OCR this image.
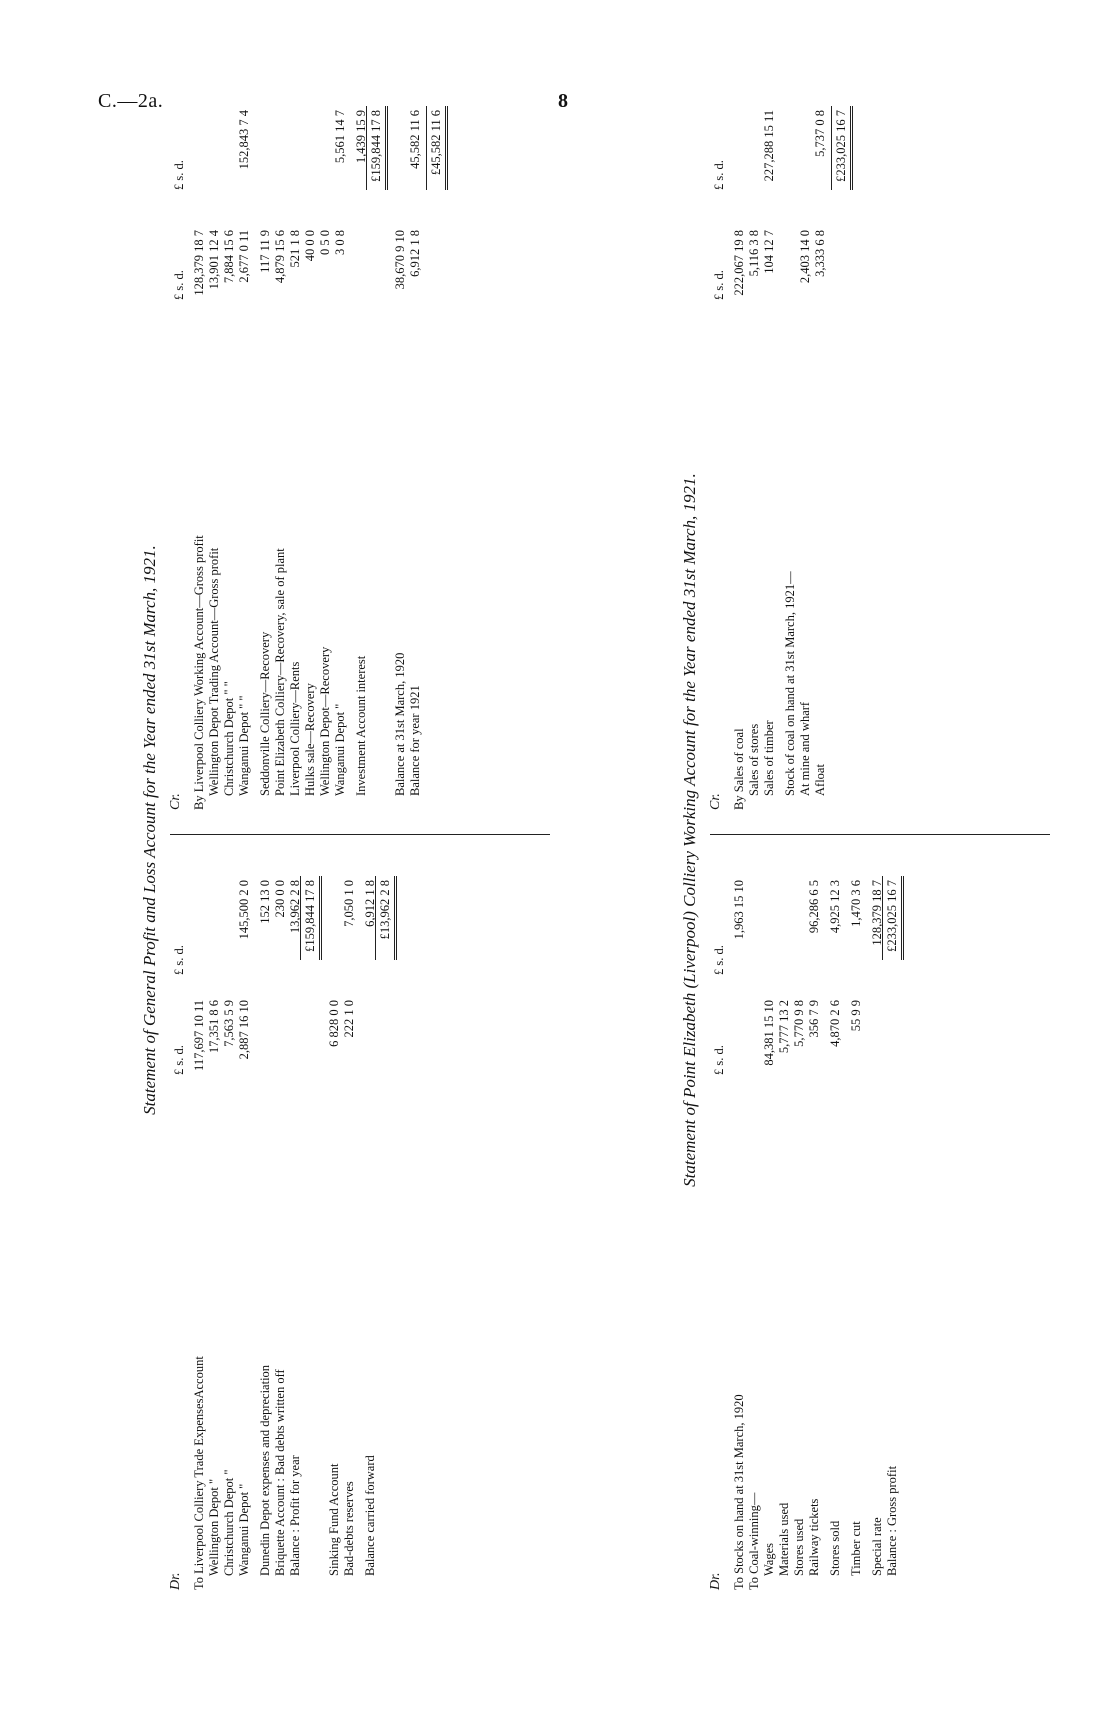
C.—2a.	8
Statement of General Profit and Loss Account for the Year ended 31st March, 1921.
Dr.
£ s. d.
£ s. d.
Cr.
£ s. d.
£ s. d.
To Liverpool Colliery Trade ExpensesAccount
117,697 10 11
Wellington Depot "
17,351 8 6
Christchurch Depot "
7,563 5 9
Wanganui Depot "
2,887 16 10
145,500 2 0
Dunedin Depot expenses and depreciation
152 13 0
Briquette Account : Bad debts written off
230 0 0
Balance : Profit for year
13,962 2 8 £159,844 17 8
Sinking Fund Account
6 828 0 0
Bad-debts reserves
222 1 0
7,050 1 0
Balance carried forward
6,912 1 8 £13,962 2 8
By Liverpool Colliery Working Account—Gross profit
128,379 18 7
Wellington Depot Trading Account—Gross profit
13,901 12 4
Christchurch Depot " "
7,884 15 6
Wanganui Depot " "
2,677 0 11
152,843 7 4
Seddonville Colliery—Recovery
117 11 9
Point Elizabeth Colliery—Recovery, sale of plant
4,879 15 6
Liverpool Colliery—Rents
521 1 8
Hulks sale—Recovery
40 0 0
Wellington Depot—Recovery
0 5 0
Wanganui Depot "
3 0 8
5,561 14 7
Investment Account interest
1,439 15 9 £159,844 17 8
Balance at 31st March, 1920
38,670 9 10
Balance for year 1921
6,912 1 8
45,582 11 6 £45,582 11 6
Statement of Point Elizabeth (Liverpool) Colliery Working Account for the Year ended 31st March, 1921.
Dr.
£ s. d.
£ s. d.
Cr.
£ s. d.
£ s. d.
To Stocks on hand at 31st March, 1920
1,963 15 10
To Coal-winning— Wages
84,381 15 10
Materials used
5,777 13 2
Stores used
5,770 9 8
Railway tickets
356 7 9
96,286 6 5
Stores sold
4,870 2 6
4,925 12 3
Timber cut
55 9 9
1,470 3 6
Special rate
128,379 18 7
Balance : Gross profit
£233,025 16 7
By Sales of coal
222,067 19 8
Sales of stores
5,116 3 8
Sales of timber
104 12 7
227,288 15 11
Stock of coal on hand at 31st March, 1921— At mine and wharf
2,403 14 0
Afloat
3,333 6 8
5,737 0 8 £233,025 16 7
